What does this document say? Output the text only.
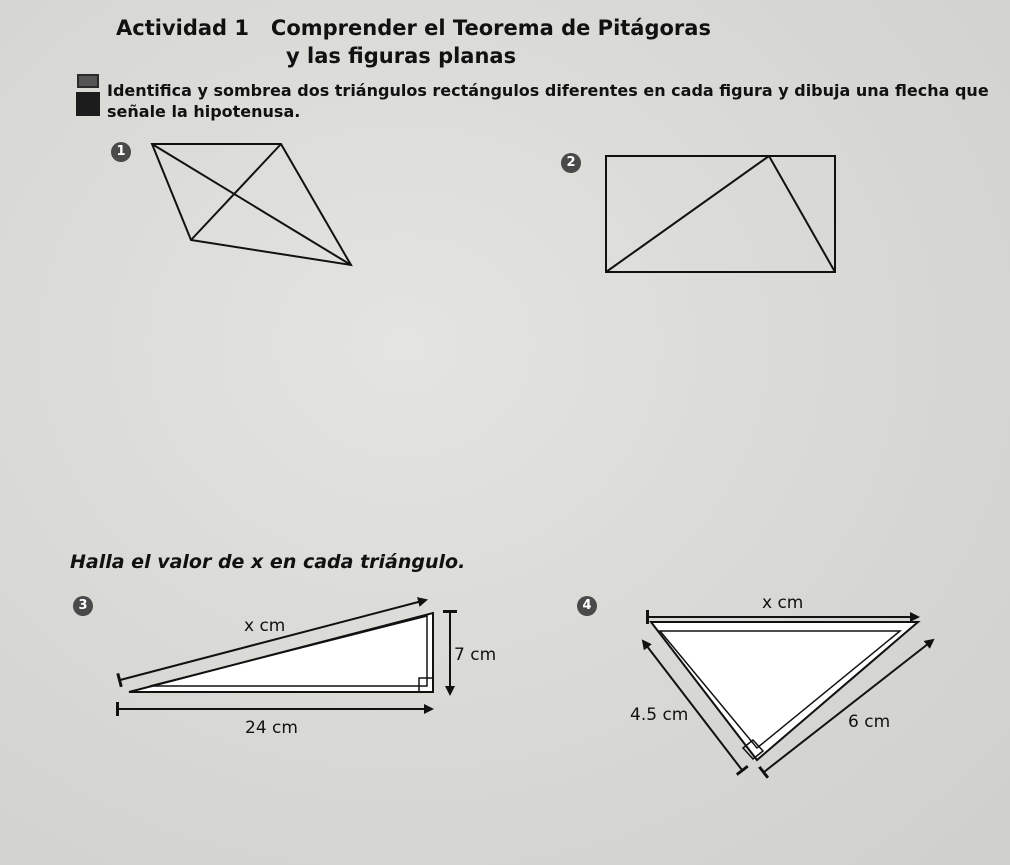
Actividad 1 Comprender el Teorema de Pitágoras
y las figuras planas
Identifica y sombrea dos triángulos rectángulos diferentes en cada figura y dibuja una flecha que señale la hipotenusa.
1
2
3	4
Halla el valor de x en cada triángulo.
x cm
7 cm
24 cm
x cm
4.5 cm	6 cm
